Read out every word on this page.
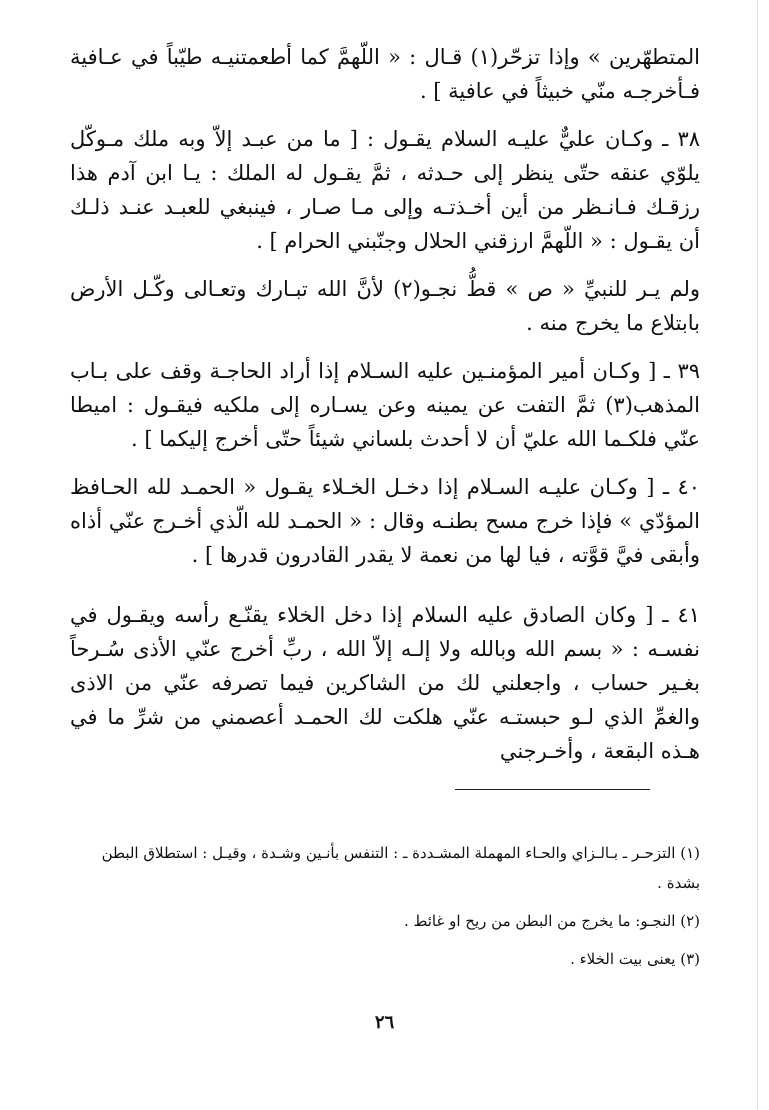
المتطهّرين » وإذا تزحّر(١) قـال : « اللّهمَّ كما أطعمتنيـه طيّباً في عـافية فـأخرجـه منّي خبيثاً في عافية ] .

٣٨ ـ وكـان عليٌّ عليـه السلام يقـول : [ ما من عبـد إلاّ وبه ملك مـوكّل يلوّي عنقه حتّى ينظر إلى حـدثه ، ثمَّ يقـول له الملك : يـا ابن آدم هذا رزقـك فـانـظر من أين أخـذتـه وإلى مـا صـار ، فينبغي للعبـد عنـد ذلـك أن يقـول : « اللّهمَّ ارزقني الحلال وجنّبني الحرام ] .

ولم يـر للنبيِّ « ص » قطُّ نجـو(٢) لأنَّ الله تبـارك وتعـالى وكّـل الأرض بابتلاع ما يخرج منه .

٣٩ ـ [ وكـان أمير المؤمنـين عليه السـلام إذا أراد الحاجـة وقف على بـاب المذهب(٣) ثمَّ التفت عن يمينه وعن يسـاره إلى ملكيه فيقـول : اميطا عنّي فلكـما الله عليّ أن لا أحدث بلساني شيئاً حتّى أخرج إليكما ] .

٤٠ ـ [ وكـان عليـه السـلام إذا دخـل الخـلاء يقـول « الحمـد لله الحـافظ المؤدّي » فإذا خرج مسح بطنـه وقال : « الحمـد لله الّذي أخـرج عنّي أذاه وأبقى فيَّ قوَّته ، فيا لها من نعمة لا يقدر القادرون قدرها ] .

٤١ ـ [ وكان الصادق عليه السلام إذا دخل الخلاء يقنّـع رأسه ويقـول في نفسـه : « بسم الله وبالله ولا إلـه إلاّ الله ، ربِّ أخرج عنّي الأذى سُـرحاً بغـير حساب ، واجعلني لك من الشاكرين فيما تصرفه عنّي من الاذى والغمِّ الذي لـو حبستـه عنّي هلكت لك الحمـد أعصمني من شرِّ ما في هـذه البقعة ، وأخـرجني

(١) التزحـر ـ بـالـزاي والحـاء المهملة المشـددة ـ : التنفس بأنـين وشـدة ، وقيـل : استطلاق البطن بشدة .

(٢) النجـو: ما يخرج من البطن من ريح او غائط .

(٣) يعنى بيت الخلاء .

٢٦
